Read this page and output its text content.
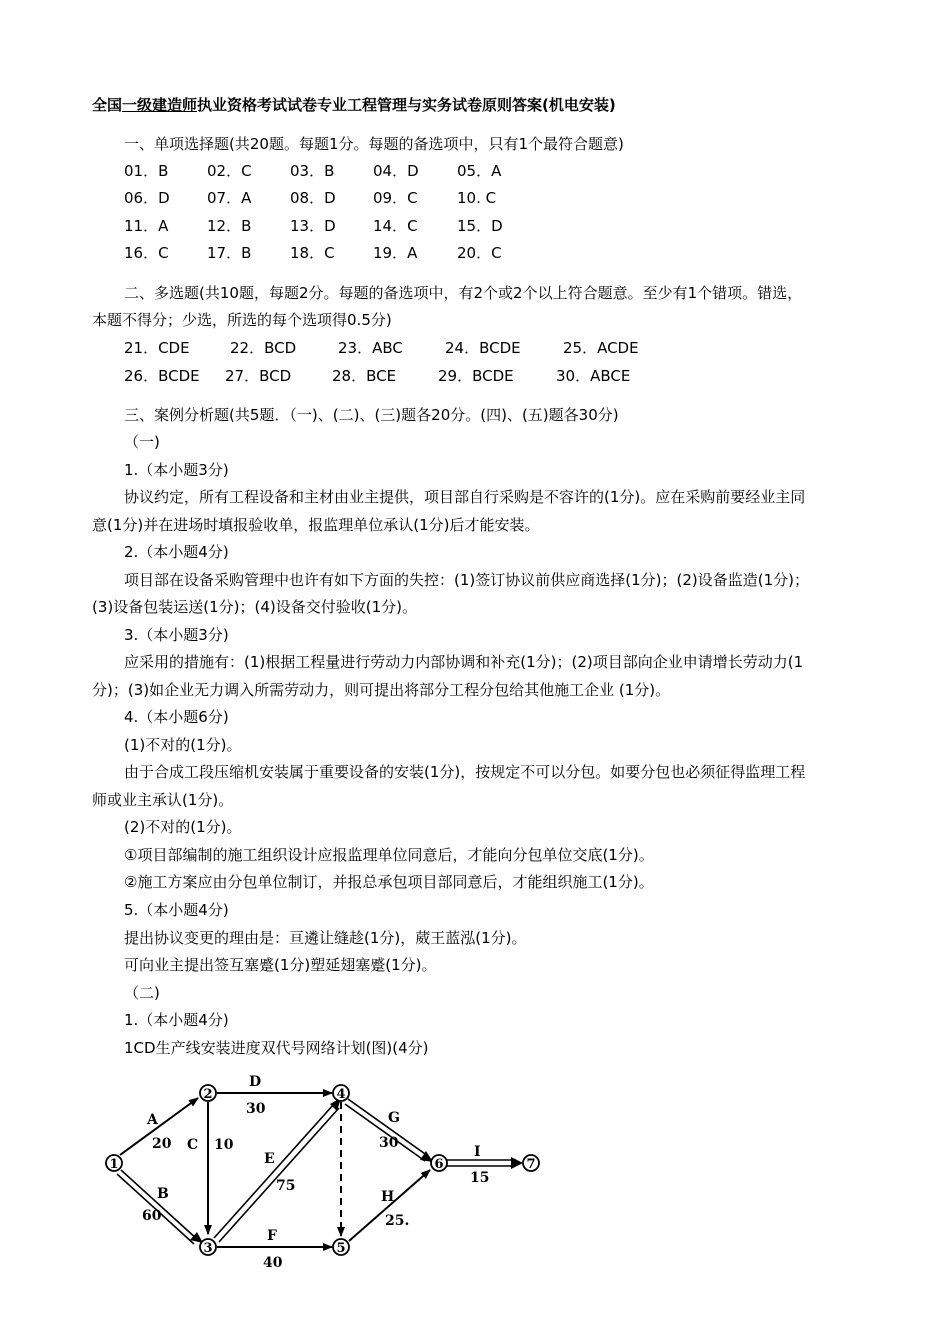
全国一级建造师执业资格考试试卷专业工程管理与实务试卷原则答案(机电安装)
一、单项选择题(共20题。每题1分。每题的备选项中，只有1个最符合题意)
01．B	02．C	03．B	04．D	05．A
06．D 07．A	08．D 09．C	10. C
11．A	12．B	13．D 14．C	15．D
16．C	17．B	18．C	19．A	20．C
二、多选题(共10题，每题2分。每题的备选项中，有2个或2个以上符合题意。至少有1个错项。错选，
本题不得分；少选，所选的每个选项得0.5分)
21．CDE	22．BCD	23．ABC	24．BCDE	25．ACDE
26．BCDE 27．BCD	28．BCE	29．BCDE	30．ABCE
三、案例分析题(共5题．（一)、(二)、(三)题各20分。(四)、(五)题各30分)
（一)
1.（本小题3分)
协议约定，所有工程设备和主材由业主提供，项目部自行采购是不容许的(1分)。应在采购前要经业主同
意(1分)并在进场时填报验收单，报监理单位承认(1分)后才能安装。
2.（本小题4分)
项目部在设备采购管理中也许有如下方面的失控：(1)签订协议前供应商选择(1分)；(2)设备监造(1分)；
(3)设备包装运送(1分)；(4)设备交付验收(1分)。
3.（本小题3分)
应采用的措施有：(1)根据工程量进行劳动力内部协调和补充(1分)；(2)项目部向企业申请增长劳动力(1
分)；(3)如企业无力调入所需劳动力，则可提出将部分工程分包给其他施工企业 (1分)。
4.（本小题6分)
(1)不对的(1分)。
由于合成工段压缩机安装属于重要设备的安装(1分)，按规定不可以分包。如要分包也必须征得监理工程
师或业主承认(1分)。
(2)不对的(1分)。
①项目部编制的施工组织设计应报监理单位同意后，才能向分包单位交底(1分)。
②施工方案应由分包单位制订，并报总承包项目部同意后，才能组织施工(1分)。
5.（本小题4分)
提出协议变更的理由是：亘遴让缝趁(1分)，葳王蓝泓(1分)。
可向业主提出签互塞蹙(1分)塑延翅塞蹙(1分)。
（二)
1.（本小题4分)
1CD生产线安装进度双代号网络计划(图)(4分)
1
2
3
4
5
6	7
A
20
B
60
C 10
D
30
E
75
F
40
G
30
H
25.
I
15
